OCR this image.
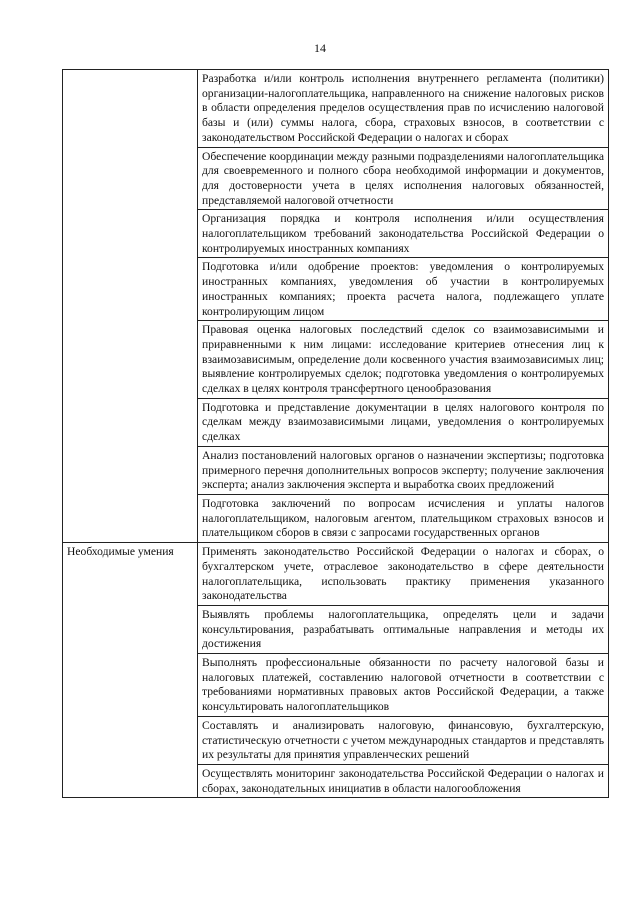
14
	Разработка и/или контроль исполнения внутреннего регламента (политики) организации-налогоплательщика, направленного на снижение налоговых рисков в области определения пределов осуществления прав по исчислению налоговой базы и (или) суммы налога, сбора, страховых взносов, в соответствии с законодательством Российской Федерации о налогах и сборах
	Обеспечение координации между разными подразделениями налогоплательщика для своевременного и полного сбора необходимой информации и документов, для достоверности учета в целях исполнения налоговых обязанностей, представляемой налоговой отчетности
	Организация порядка и контроля исполнения и/или осуществления налогоплательщиком требований законодательства Российской Федерации о контролируемых иностранных компаниях
	Подготовка и/или одобрение проектов: уведомления о контролируемых иностранных компаниях, уведомления об участии в контролируемых иностранных компаниях; проекта расчета налога, подлежащего уплате контролирующим лицом
	Правовая оценка налоговых последствий сделок со взаимозависимыми и приравненными к ним лицами: исследование критериев отнесения лиц к взаимозависимым, определение доли косвенного участия взаимозависимых лиц; выявление контролируемых сделок; подготовка уведомления о контролируемых сделках в целях контроля трансфертного ценообразования
	Подготовка и представление документации в целях налогового контроля по сделкам между взаимозависимыми лицами, уведомления о контролируемых сделках
	Анализ постановлений налоговых органов о назначении экспертизы; подготовка примерного перечня дополнительных вопросов эксперту; получение заключения эксперта; анализ заключения эксперта и выработка своих предложений
	Подготовка заключений по вопросам исчисления и уплаты налогов налогоплательщиком, налоговым агентом, плательщиком страховых взносов и плательщиком сборов в связи с запросами государственных органов
Необходимые умения	Применять законодательство Российской Федерации о налогах и сборах, о бухгалтерском учете, отраслевое законодательство в сфере деятельности налогоплательщика, использовать практику применения указанного законодательства
	Выявлять проблемы налогоплательщика, определять цели и задачи консультирования, разрабатывать оптимальные направления и методы их достижения
	Выполнять профессиональные обязанности по расчету налоговой базы и налоговых платежей, составлению налоговой отчетности в соответствии с требованиями нормативных правовых актов Российской Федерации, а также консультировать налогоплательщиков
	Составлять и анализировать налоговую, финансовую, бухгалтерскую, статистическую отчетности с учетом международных стандартов и представлять их результаты для принятия управленческих решений
	Осуществлять мониторинг законодательства Российской Федерации о налогах и сборах, законодательных инициатив в области налогообложения
